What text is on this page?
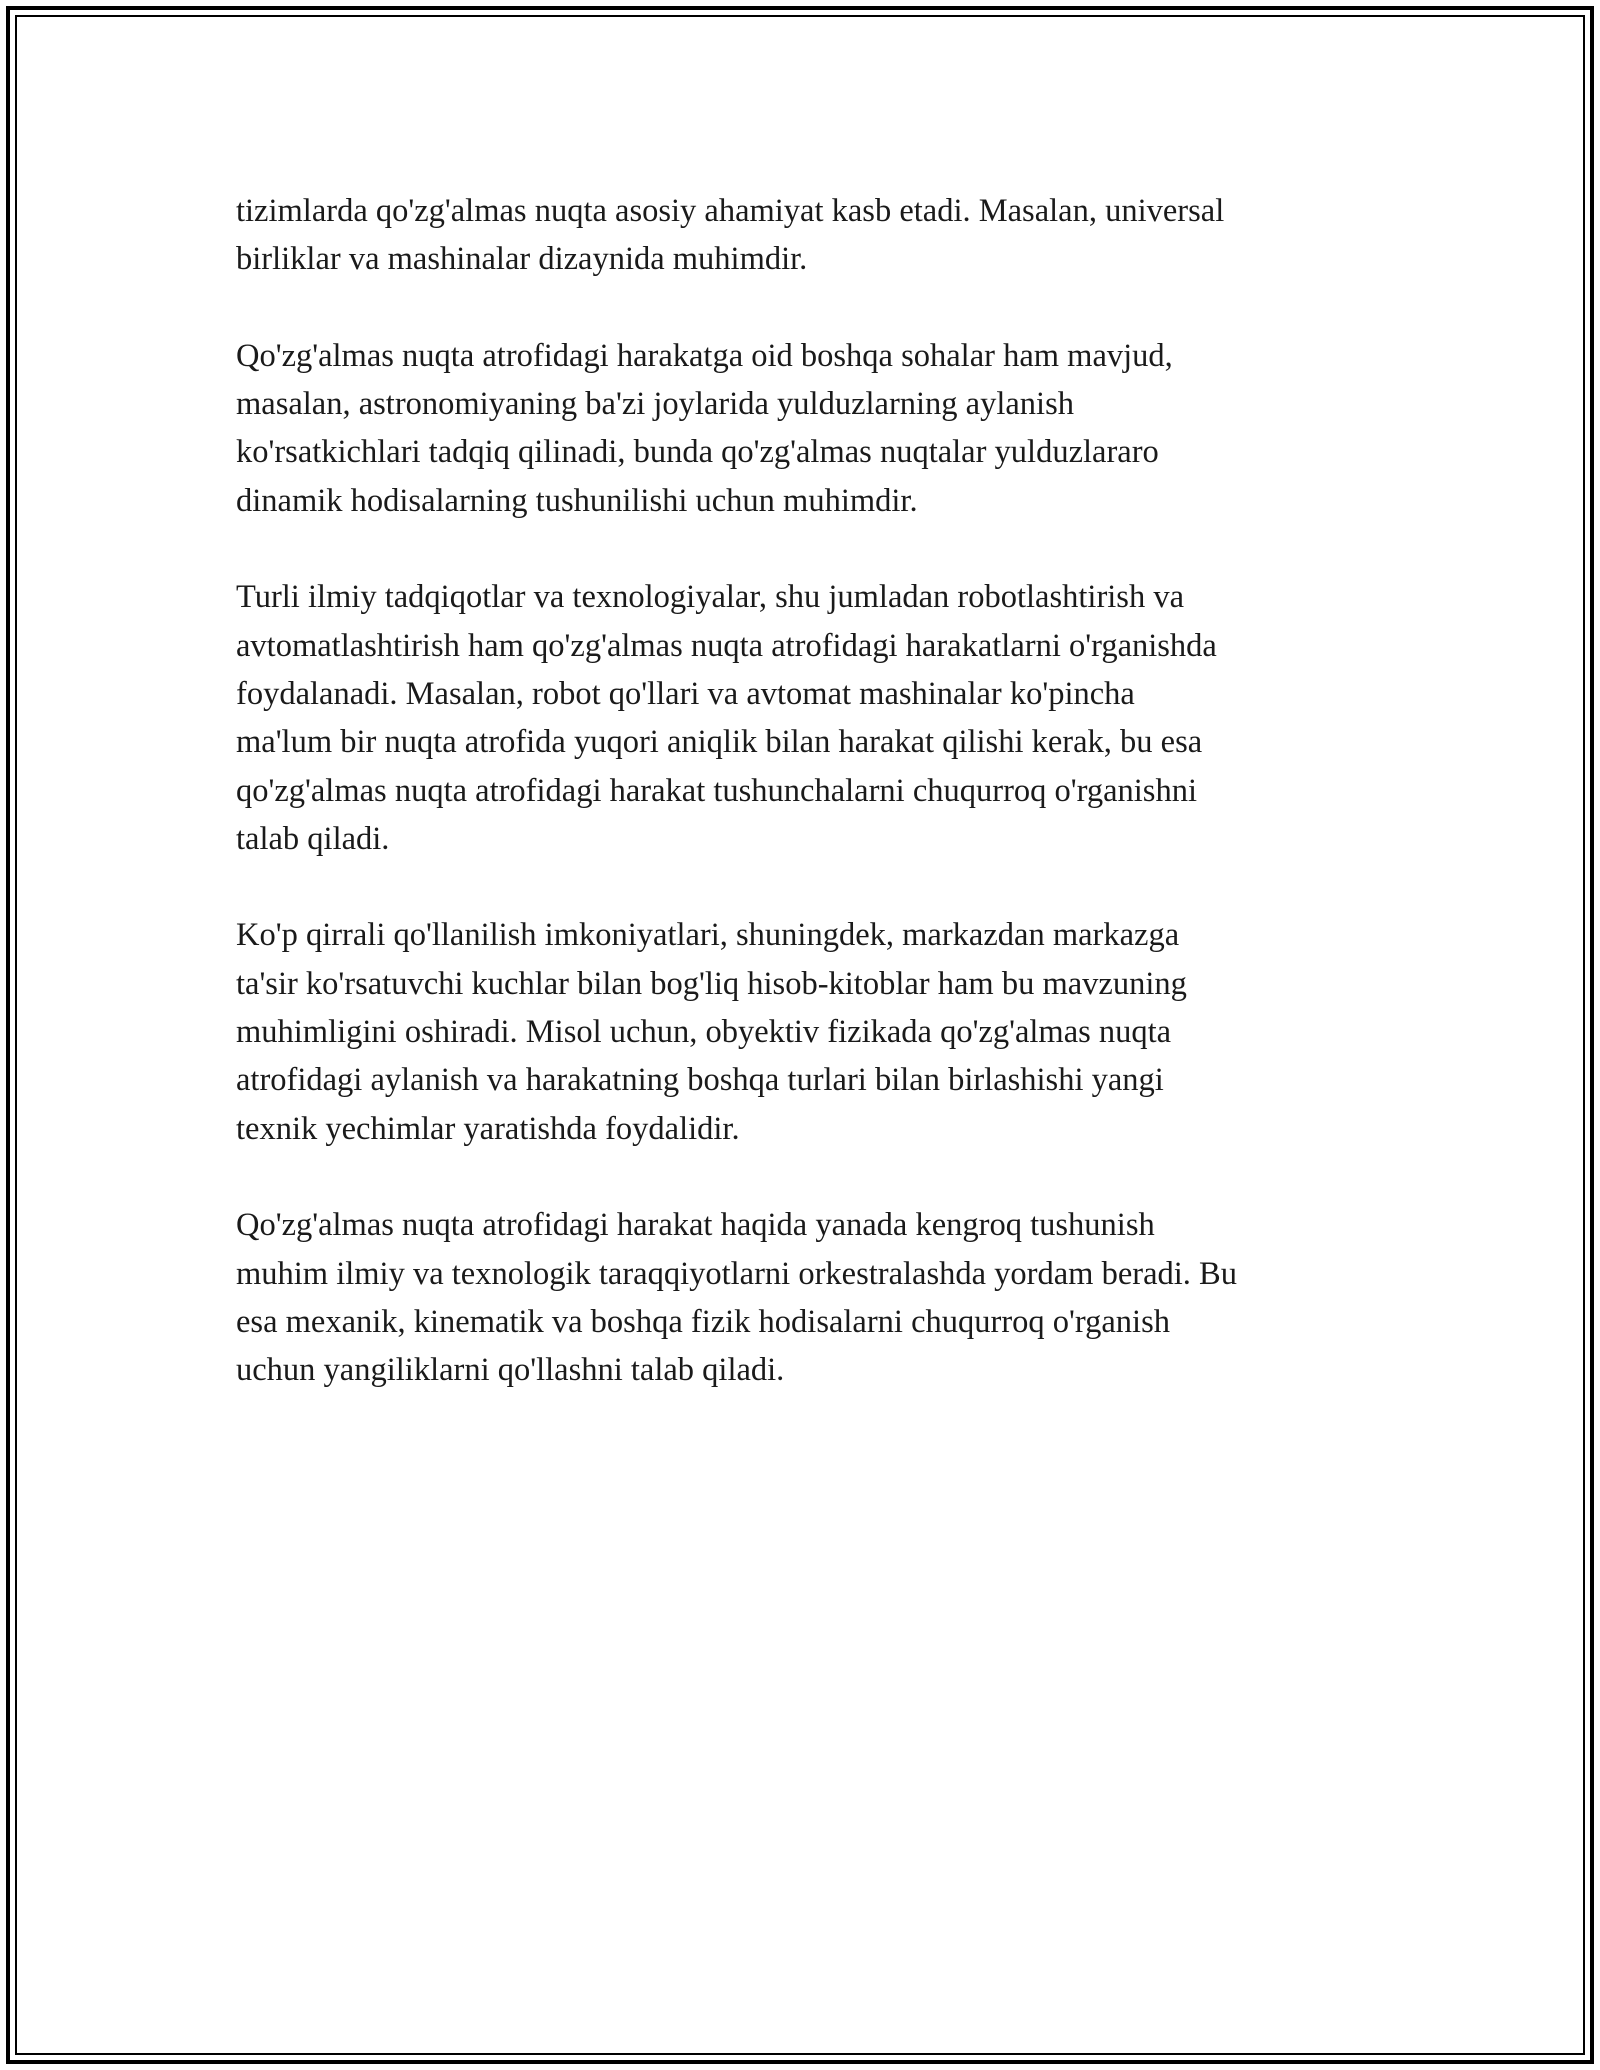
tizimlarda qo'zg'almas nuqta asosiy ahamiyat kasb etadi. Masalan, universal
birliklar va mashinalar dizaynida muhimdir.

Qo'zg'almas nuqta atrofidagi harakatga oid boshqa sohalar ham mavjud,
masalan, astronomiyaning ba'zi joylarida yulduzlarning aylanish
ko'rsatkichlari tadqiq qilinadi, bunda qo'zg'almas nuqtalar yulduzlararo
dinamik hodisalarning tushunilishi uchun muhimdir.

Turli ilmiy tadqiqotlar va texnologiyalar, shu jumladan robotlashtirish va
avtomatlashtirish ham qo'zg'almas nuqta atrofidagi harakatlarni o'rganishda
foydalanadi. Masalan, robot qo'llari va avtomat mashinalar ko'pincha
ma'lum bir nuqta atrofida yuqori aniqlik bilan harakat qilishi kerak, bu esa
qo'zg'almas nuqta atrofidagi harakat tushunchalarni chuqurroq o'rganishni
talab qiladi.

Ko'p qirrali qo'llanilish imkoniyatlari, shuningdek, markazdan markazga
ta'sir ko'rsatuvchi kuchlar bilan bog'liq hisob-kitoblar ham bu mavzuning
muhimligini oshiradi. Misol uchun, obyektiv fizikada qo'zg'almas nuqta
atrofidagi aylanish va harakatning boshqa turlari bilan birlashishi yangi
texnik yechimlar yaratishda foydalidir.

Qo'zg'almas nuqta atrofidagi harakat haqida yanada kengroq tushunish
muhim ilmiy va texnologik taraqqiyotlarni orkestralashda yordam beradi. Bu
esa mexanik, kinematik va boshqa fizik hodisalarni chuqurroq o'rganish
uchun yangiliklarni qo'llashni talab qiladi.
